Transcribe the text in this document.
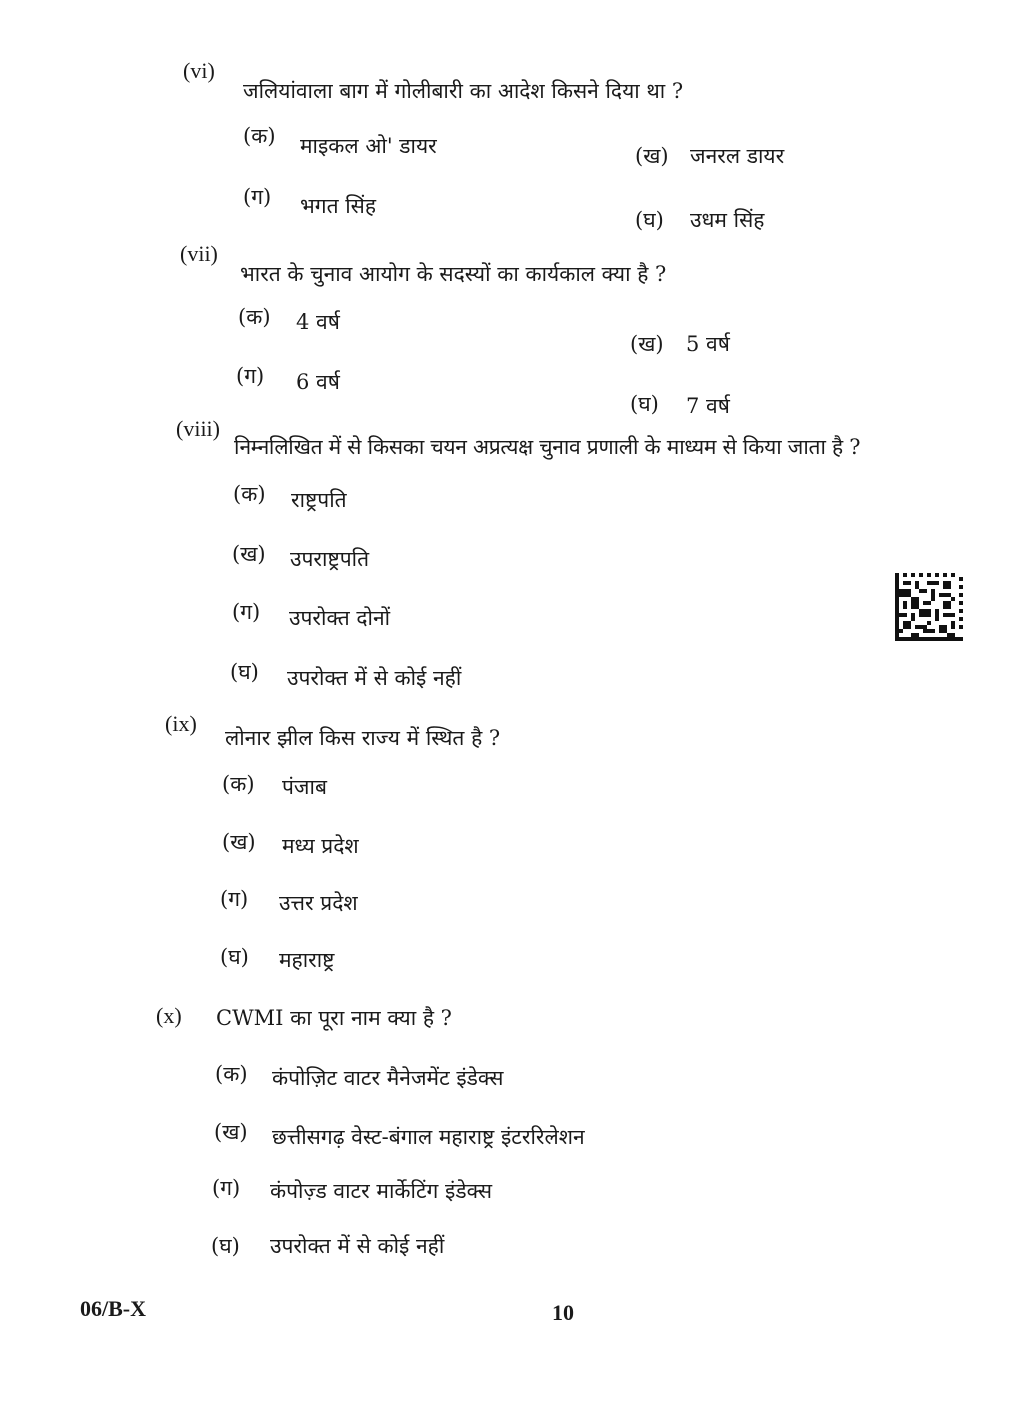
(vi)
जलियांवाला बाग में गोलीबारी का आदेश किसने दिया था ?
(क) माइकल ओ' डायर	(ख) जनरल डायर
(ग) भगत सिंह
(घ) उधम सिंह
(vii)
भारत के चुनाव आयोग के सदस्यों का कार्यकाल क्या है ?
(क) 4 वर्ष
(ख) 5 वर्ष
(ग) 6 वर्ष
(घ) 7 वर्ष
(viii)
निम्नलिखित में से किसका चयन अप्रत्यक्ष चुनाव प्रणाली के माध्यम से किया जाता है ?
(क) राष्ट्रपति
(ख) उपराष्ट्रपति
(ग) उपरोक्त दोनों
(घ) उपरोक्त में से कोई नहीं
(ix)
लोनार झील किस राज्य में स्थित है ?
(क) पंजाब
(ख) मध्य प्रदेश
(ग) उत्तर प्रदेश
(घ) महाराष्ट्र
(x) CWMI का पूरा नाम क्या है ?
(क) कंपोज़िट वाटर मैनेजमेंट इंडेक्स
(ख) छत्तीसगढ़ वेस्ट-बंगाल महाराष्ट्र इंटररिलेशन
(ग) कंपोज़्ड वाटर मार्केटिंग इंडेक्स
(घ) उपरोक्त में से कोई नहीं
06/B-X	10
